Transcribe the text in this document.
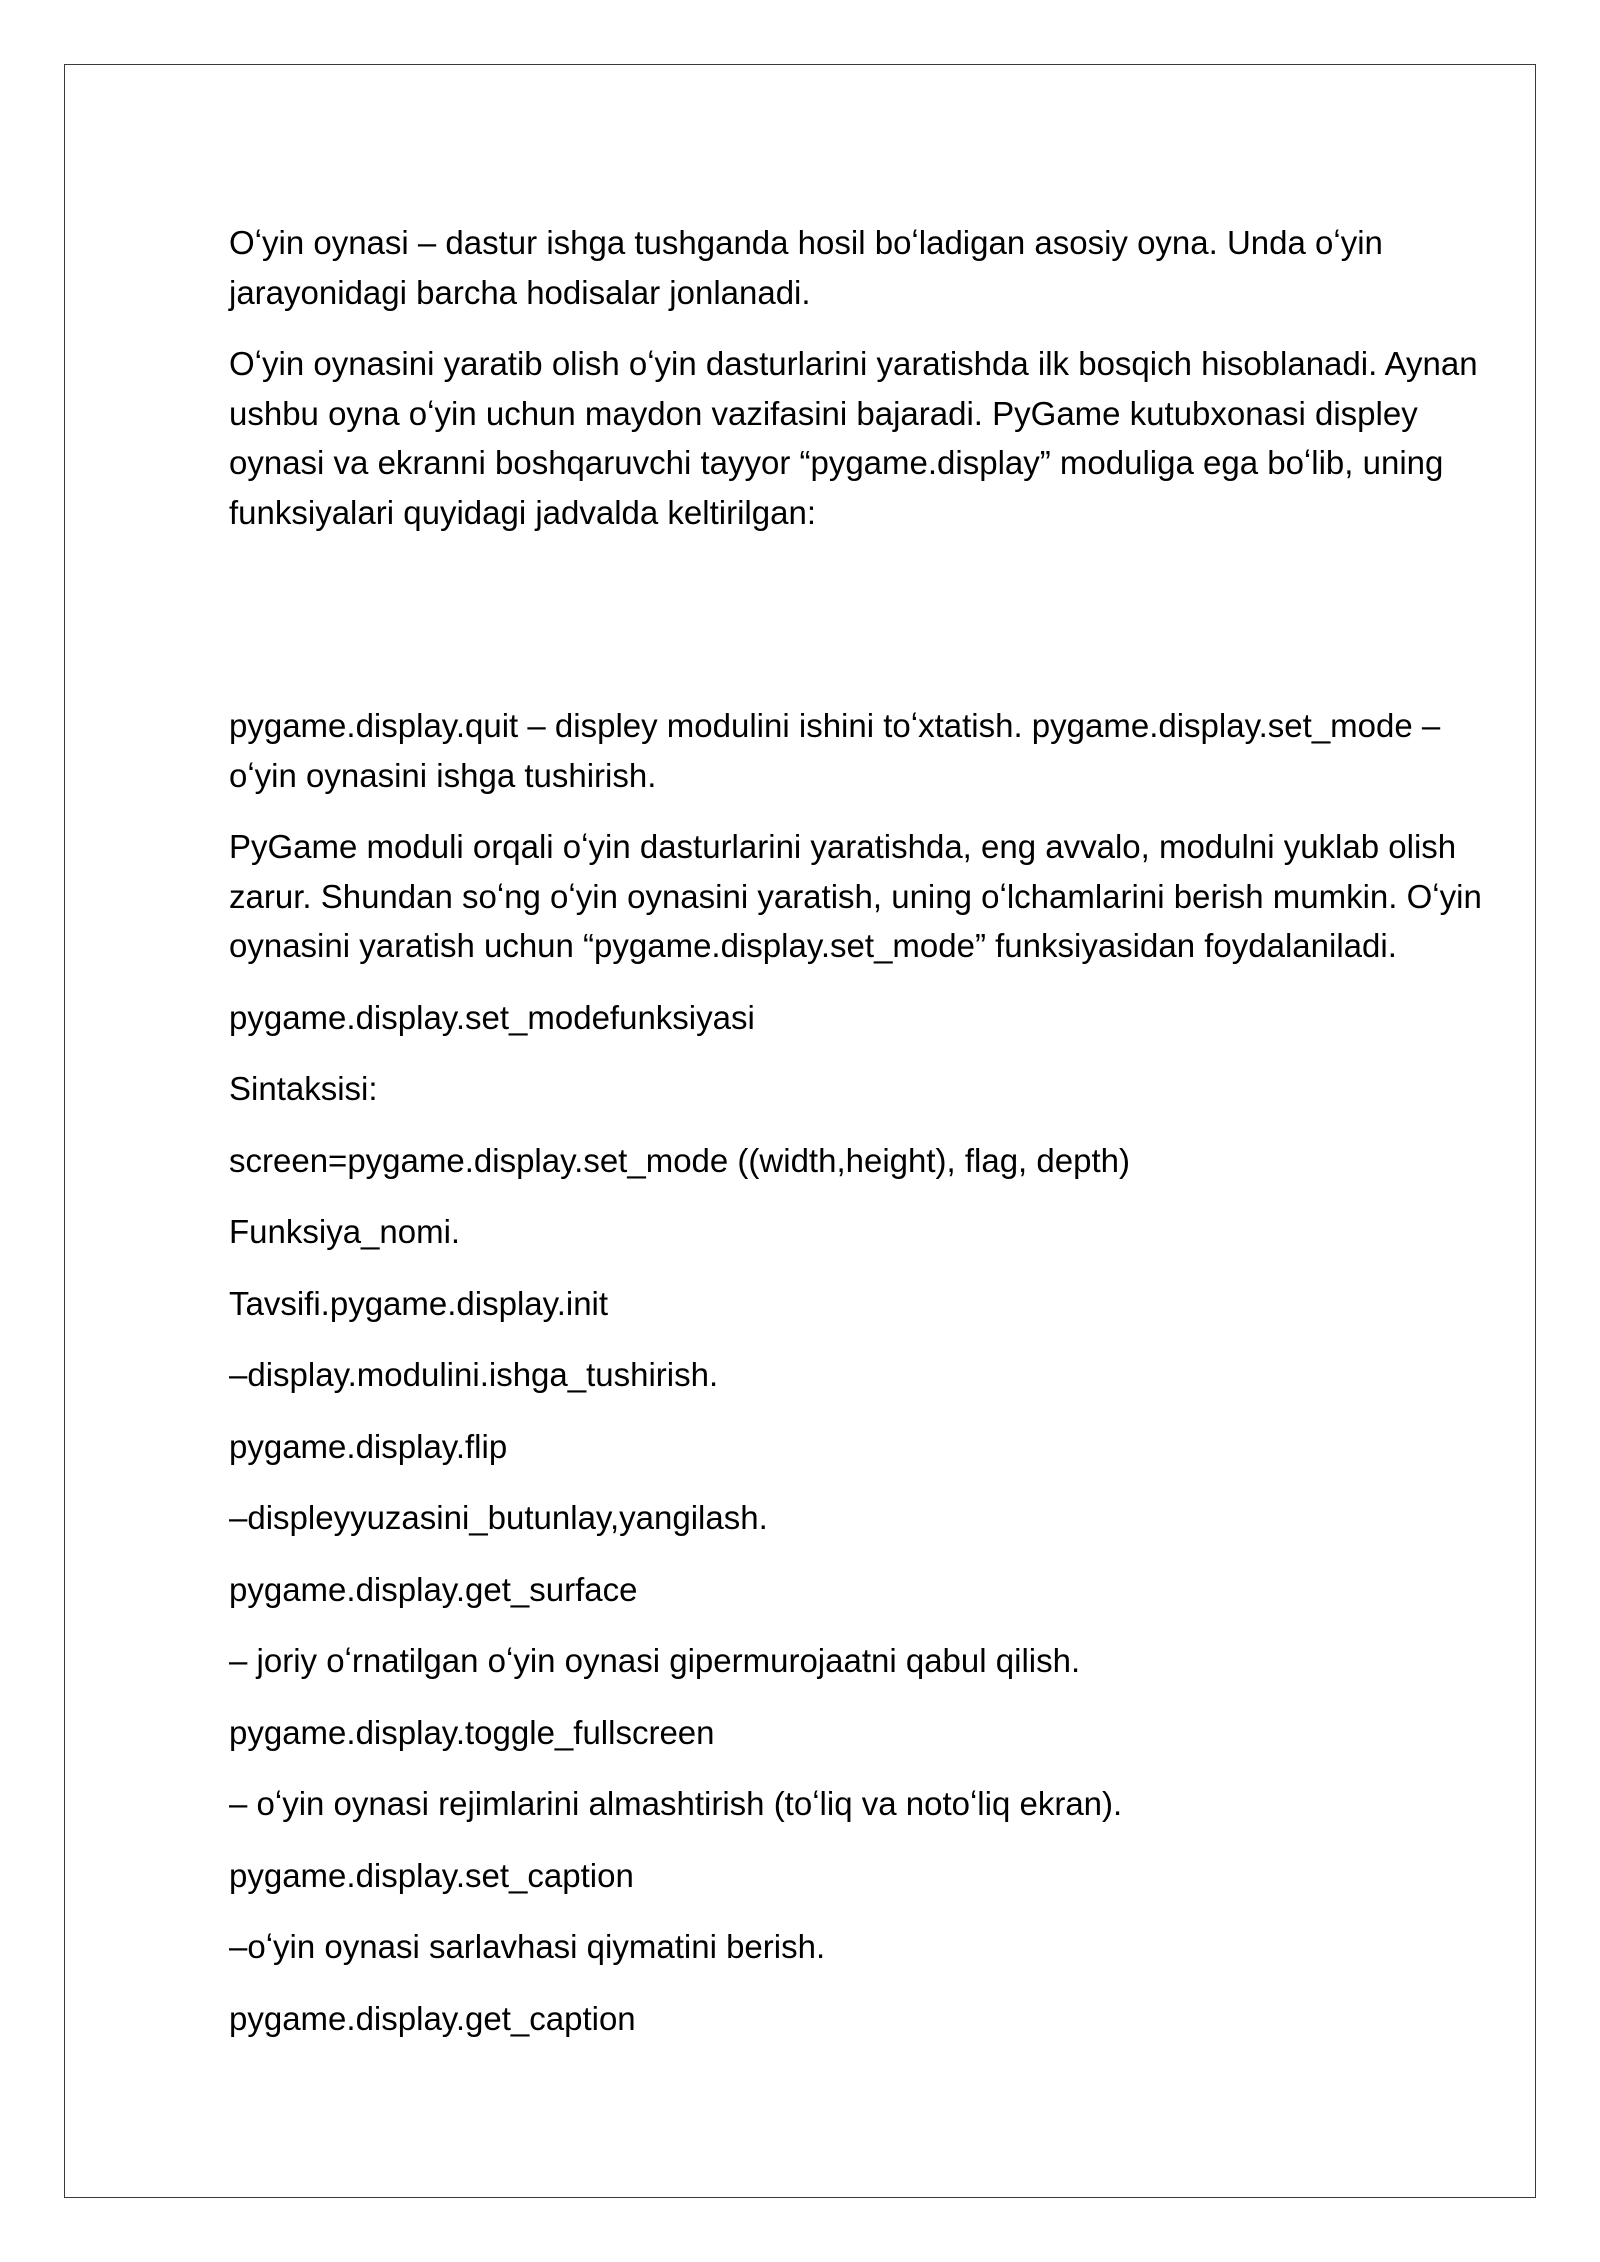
Oʻyin oynasi – dastur ishga tushganda hosil boʻladigan asosiy oyna. Unda oʻyin jarayonidagi barcha hodisalar jonlanadi.

Oʻyin oynasini yaratib olish oʻyin dasturlarini yaratishda ilk bosqich hisoblanadi. Aynan ushbu oyna oʻyin uchun maydon vazifasini bajaradi. PyGame kutubxonasi displey oynasi va ekranni boshqaruvchi tayyor “pygame.display” moduliga ega boʻlib, uning funksiyalari quyidagi jadvalda keltirilgan:

pygame.display.quit – displey modulini ishini toʻxtatish. pygame.display.set_mode – oʻyin oynasini ishga tushirish.

PyGame moduli orqali oʻyin dasturlarini yaratishda, eng avvalo, modulni yuklab olish zarur. Shundan soʻng oʻyin oynasini yaratish, uning oʻlchamlarini berish mumkin. Oʻyin oynasini yaratish uchun “pygame.display.set_mode” funksiyasidan foydalaniladi.

pygame.display.set_modefunksiyasi

Sintaksisi:

screen=pygame.display.set_mode ((width,height), flag, depth)

Funksiya_nomi.

Tavsifi.pygame.display.init

–display.modulini.ishga_tushirish.

pygame.display.flip

–displeyyuzasini_butunlay,yangilash.

pygame.display.get_surface

– joriy oʻrnatilgan oʻyin oynasi gipermurojaatni qabul qilish.

pygame.display.toggle_fullscreen

– oʻyin oynasi rejimlarini almashtirish (toʻliq va notoʻliq ekran).

pygame.display.set_caption

–oʻyin oynasi sarlavhasi qiymatini berish.

pygame.display.get_caption
